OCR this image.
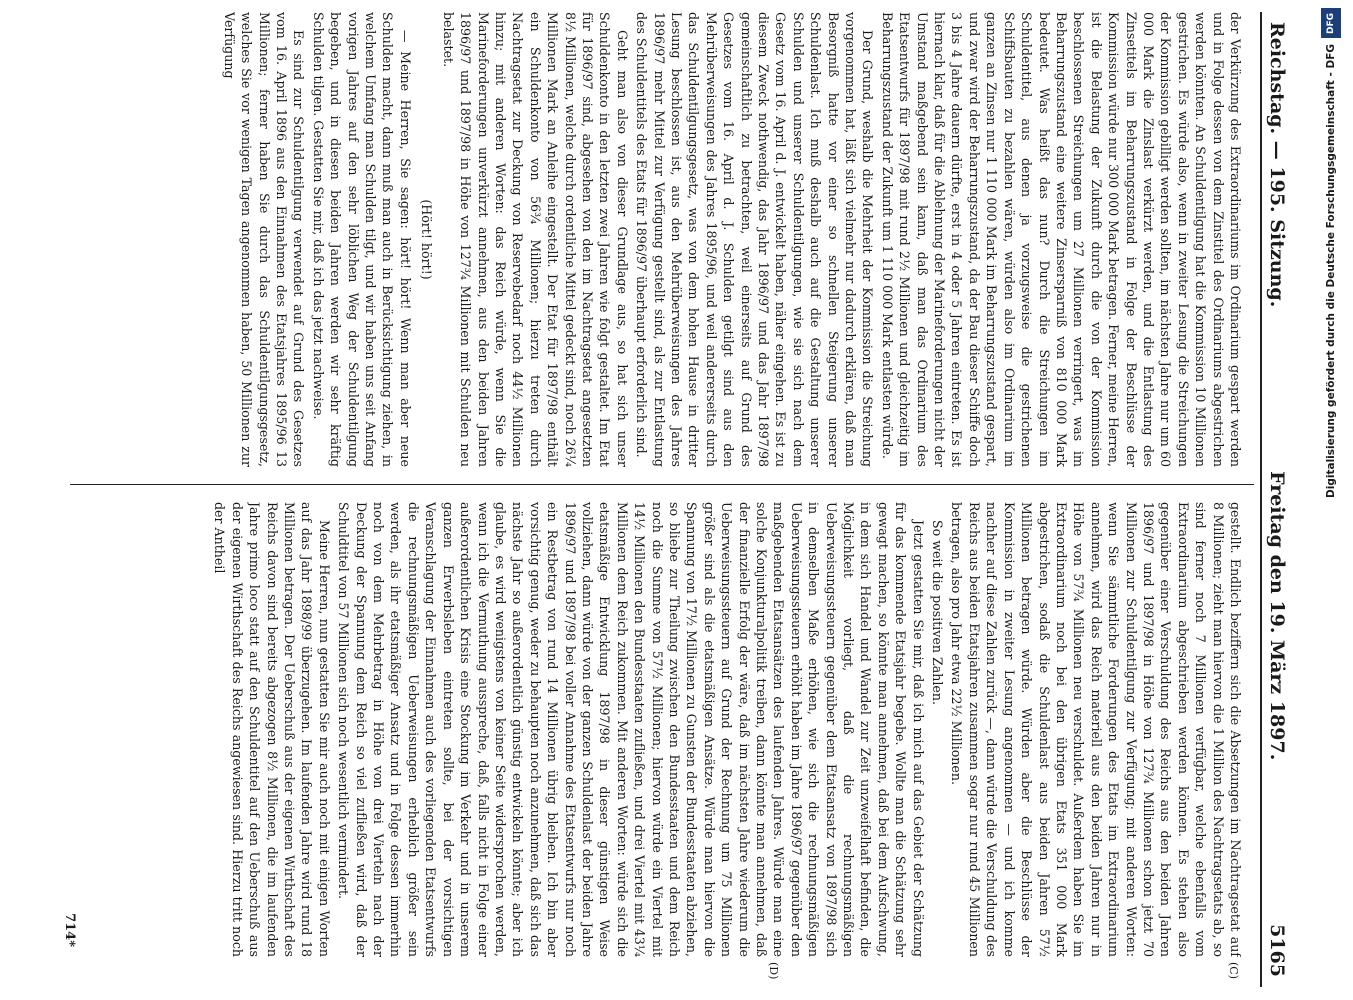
Reichstag. — 195. Sitzung.
Freitag den 19. März 1897.
5165

der Verkürzung des Extraordinariums im Ordinarium gespart werden und in Folge dessen von dem Zinstitel des Ordinariums abgestrichen werden könnten. An Schuldentilgung hat die Kommission 10 Millionen gestrichen. Es würde also, wenn in zweiter Lesung die Streichungen der Kommission gebilligt werden sollten, im nächsten Jahre nur um 60 000 Mark die Zinslast verkürzt werden, und die Entlastung des Zinsetitels im Beharrungszustand in Folge der Beschlüsse der Kommission würde nur 300 000 Mark betragen. Ferner, meine Herren, ist die Belastung der Zukunft durch die von der Kommission beschlossenen Streichungen um 27 Millionen verringert, was im Beharrungszustand eine weitere Zinsersparniß von 810 000 Mark bedeutet. Was heißt das nun? Durch die Streichungen im Schuldentitel, aus denen ja vorzugsweise die gestrichenen Schiffsbauten zu bezahlen wären, würden also im Ordinarium im ganzen an Zinsen nur 1 110 000 Mark im Beharrungszustand gespart, und zwar wird der Beharrungszustand, da der Bau dieser Schiffe doch 3 bis 4 Jahre dauern dürfte, erst in 4 oder 5 Jahren eintreten. Es ist hiernach klar, daß für die Ablehnung der Marineforderungen nicht der Umstand maßgebend sein kann, daß man das Ordinarium des Etatsentwurfs für 1897/98 mit rund 2½ Millionen und gleichzeitig im Beharrungszustand der Zukunft um 1 110 000 Mark entlasten würde.

Der Grund, weshalb die Mehrheit der Kommission die Streichung vorgenommen hat, läßt sich vielmehr nur dadurch erklären, daß man Besorgniß hatte vor einer so schnellen Steigerung unserer Schuldenlast. Ich muß deshalb auch auf die Gestaltung unserer Schulden und unserer Schuldentilgungen, wie sie sich nach dem Gesetz vom 16. April d. J. entwickelt haben, näher eingehen. Es ist zu diesem Zweck nothwendig, das Jahr 1896/97 und das Jahr 1897/98 gemeinschaftlich zu betrachten, weil einerseits auf Grund des Gesetzes vom 16. April d. J. Schulden getilgt sind aus den Mehrüberweisungen des Jahres 1895/96, und weil andererseits durch das Schuldentilgungsgesetz, was von dem hohen Hause in dritter Lesung beschlossen ist, aus den Mehrüberweisungen des Jahres 1896/97 mehr Mittel zur Verfügung gestellt sind, als zur Entlastung des Schuldentitels des Etats für 1896/97 überhaupt erforderlich sind.

Geht man also von dieser Grundlage aus, so hat sich unser Schuldenkonto in den letzten zwei Jahren wie folgt gestaltet. Im Etat für 1896/97 sind, abgesehen von den im Nachtragsetat angesetzten 8½ Millionen, welche durch ordentliche Mittel gedeckt sind, noch 26¼ Millionen Mark an Anleihe eingestellt. Der Etat für 1897/98 enthält ein Schuldenkonto von 56¾ Millionen; hierzu treten durch Nachtragsetat zur Deckung von Reservebedarf noch 44½ Millionen hinzu; mit anderen Worten: das Reich würde, wenn Sie die Marineforderungen unverkürzt annehmen, aus den beiden Jahren 1896/97 und 1897/98 in Höhe von 127¾ Millionen mit Schulden neu belastet.

(Hört! hört!)

— Meine Herren, Sie sagen: hört! hört! Wenn man aber neue Schulden macht, dann muß man auch in Berücksichtigung ziehen, in welchem Umfang man Schulden tilgt, und wir haben uns seit Anfang vorigen Jahres auf den sehr löblichen Weg der Schuldentilgung begeben, und in diesen beiden Jahren werden wir sehr kräftig Schulden tilgen. Gestatten Sie mir, daß ich das jetzt nachweise.

Es sind zur Schuldentilgung verwendet auf Grund des Gesetzes vom 16. April 1896 aus den Einnahmen des Etatsjahres 1895/96 13 Millionen; ferner haben Sie durch das Schuldentilgungsgesetz, welches Sie vor wenigen Tagen angenommen haben, 50 Millionen zur Verfügung

gestellt. Endlich beziffern sich die Absetzungen im Nachtragsetat auf 8 Millionen; zieht man hiervon die 1 Million des Nachtragsetats ab, so sind ferner noch 7 Millionen verfügbar, welche ebenfalls vom Extraordinarium abgeschrieben werden können. Es stehen also gegenüber einer Verschuldung des Reichs aus den beiden Jahren 1896/97 und 1897/98 in Höhe von 127¾ Millionen schon jetzt 70 Millionen zur Schuldentilgung zur Verfügung; mit anderen Worten: wenn Sie sämmtliche Forderungen des Etats im Extraordinarium annehmen, wird das Reich materiell aus den beiden Jahren nur in Höhe von 57¾ Millionen neu verschuldet. Außerdem haben Sie im Extraordinarium noch bei den übrigen Etats 351 000 Mark abgestrichen, sodaß die Schuldenlast aus beiden Jahren 57½ Millionen betragen würde. Würden aber die Beschlüsse der Kommission in zweiter Lesung angenommen — und ich komme nachher auf diese Zahlen zurück —, dann würde die Verschuldung des Reichs aus beiden Etatsjahren zusammen sogar nur rund 45 Millionen betragen, also pro Jahr etwa 22½ Millionen.

So weit die positiven Zahlen.

Jetzt gestatten Sie mir, daß ich mich auf das Gebiet der Schätzung für das kommende Etatsjahr begebe. Wollte man die Schätzung sehr gewagt machen, so könnte man annehmen, daß bei dem Aufschwung, in dem sich Handel und Wandel zur Zeit unzweifelhaft befinden, die Möglichkeit vorliegt, daß die rechnungsmäßigen Ueberweisungssteuern gegenüber dem Etatsansatz von 1897/98 sich in demselben Maße erhöhen, wie sich die rechnungsmäßigen Ueberweisungssteuern erhöht haben im Jahre 1896/97 gegenüber den maßgebenden Etatsansätzen des laufenden Jahres. Würde man eine solche Konjunkturalpolitik treiben, dann könnte man annehmen, daß der finanzielle Erfolg der wäre, daß im nächsten Jahre wiederum die Ueberweisungssteuern auf Grund der Rechnung um 75 Millionen größer sind als die etatsmäßigen Ansätze. Würde man hiervon die Spannung von 17½ Millionen zu Gunsten der Bundesstaaten abziehen, so bliebe zur Theilung zwischen den Bundesstaaten und dem Reich noch die Summe von 57½ Millionen; hiervon würde ein Viertel mit 14½ Millionen den Bundesstaaten zufließen, und drei Viertel mit 43¼ Millionen dem Reich zukommen. Mit anderen Worten: würde sich die etatsmäßige Entwicklung 1897/98 in dieser günstigen Weise vollziehen, dann würde von der ganzen Schuldenlast der beiden Jahre 1896/97 und 1897/98 bei voller Annahme des Etatsentwurfs nur noch ein Restbetrag von rund 14 Millionen übrig bleiben. Ich bin aber vorsichtig genug, weder zu behaupten noch anzunehmen, daß sich das nächste Jahr so außerordentlich günstig entwickeln könnte; aber ich glaube, es wird wenigstens von keiner Seite widersprochen werden, wenn ich die Vermuthung ausspreche, daß, falls nicht in Folge einer außerordentlichen Krisis eine Stockung im Verkehr und in unserem ganzen Erwerbsleben eintreten sollte, bei der vorsichtigen Veranschlagung der Einnahmen auch des vorliegenden Etatsentwurfs die rechnungsmäßigen Ueberweisungen erheblich größer sein werden, als ihr etatsmäßiger Ansatz und in Folge dessen immerhin noch von dem Mehrbetrag in Höhe von drei Vierteln nach der Deckung der Spannung dem Reich so viel zufließen wird, daß der Schuldtitel von 57 Millionen sich noch wesentlich vermindert.

Meine Herren, nun gestatten Sie mir auch noch mit einigen Worten auf das Jahr 1898/99 überzugehen. Im laufenden Jahre wird rund 18 Millionen betragen. Der Ueberschuß aus der eigenen Wirthschaft des Reichs davon sind bereits abgezogen 8½ Millionen, die im laufenden Jahre primo loco statt auf den Schuldentitel auf den Ueberschuß aus der eigenen Wirthschaft des Reichs angewiesen sind. Hierzu tritt noch der Antheil

(C)
(D)
714*
DFG
Digitalisierung gefördert durch die Deutsche Forschungsgemeinschaft - DFG
